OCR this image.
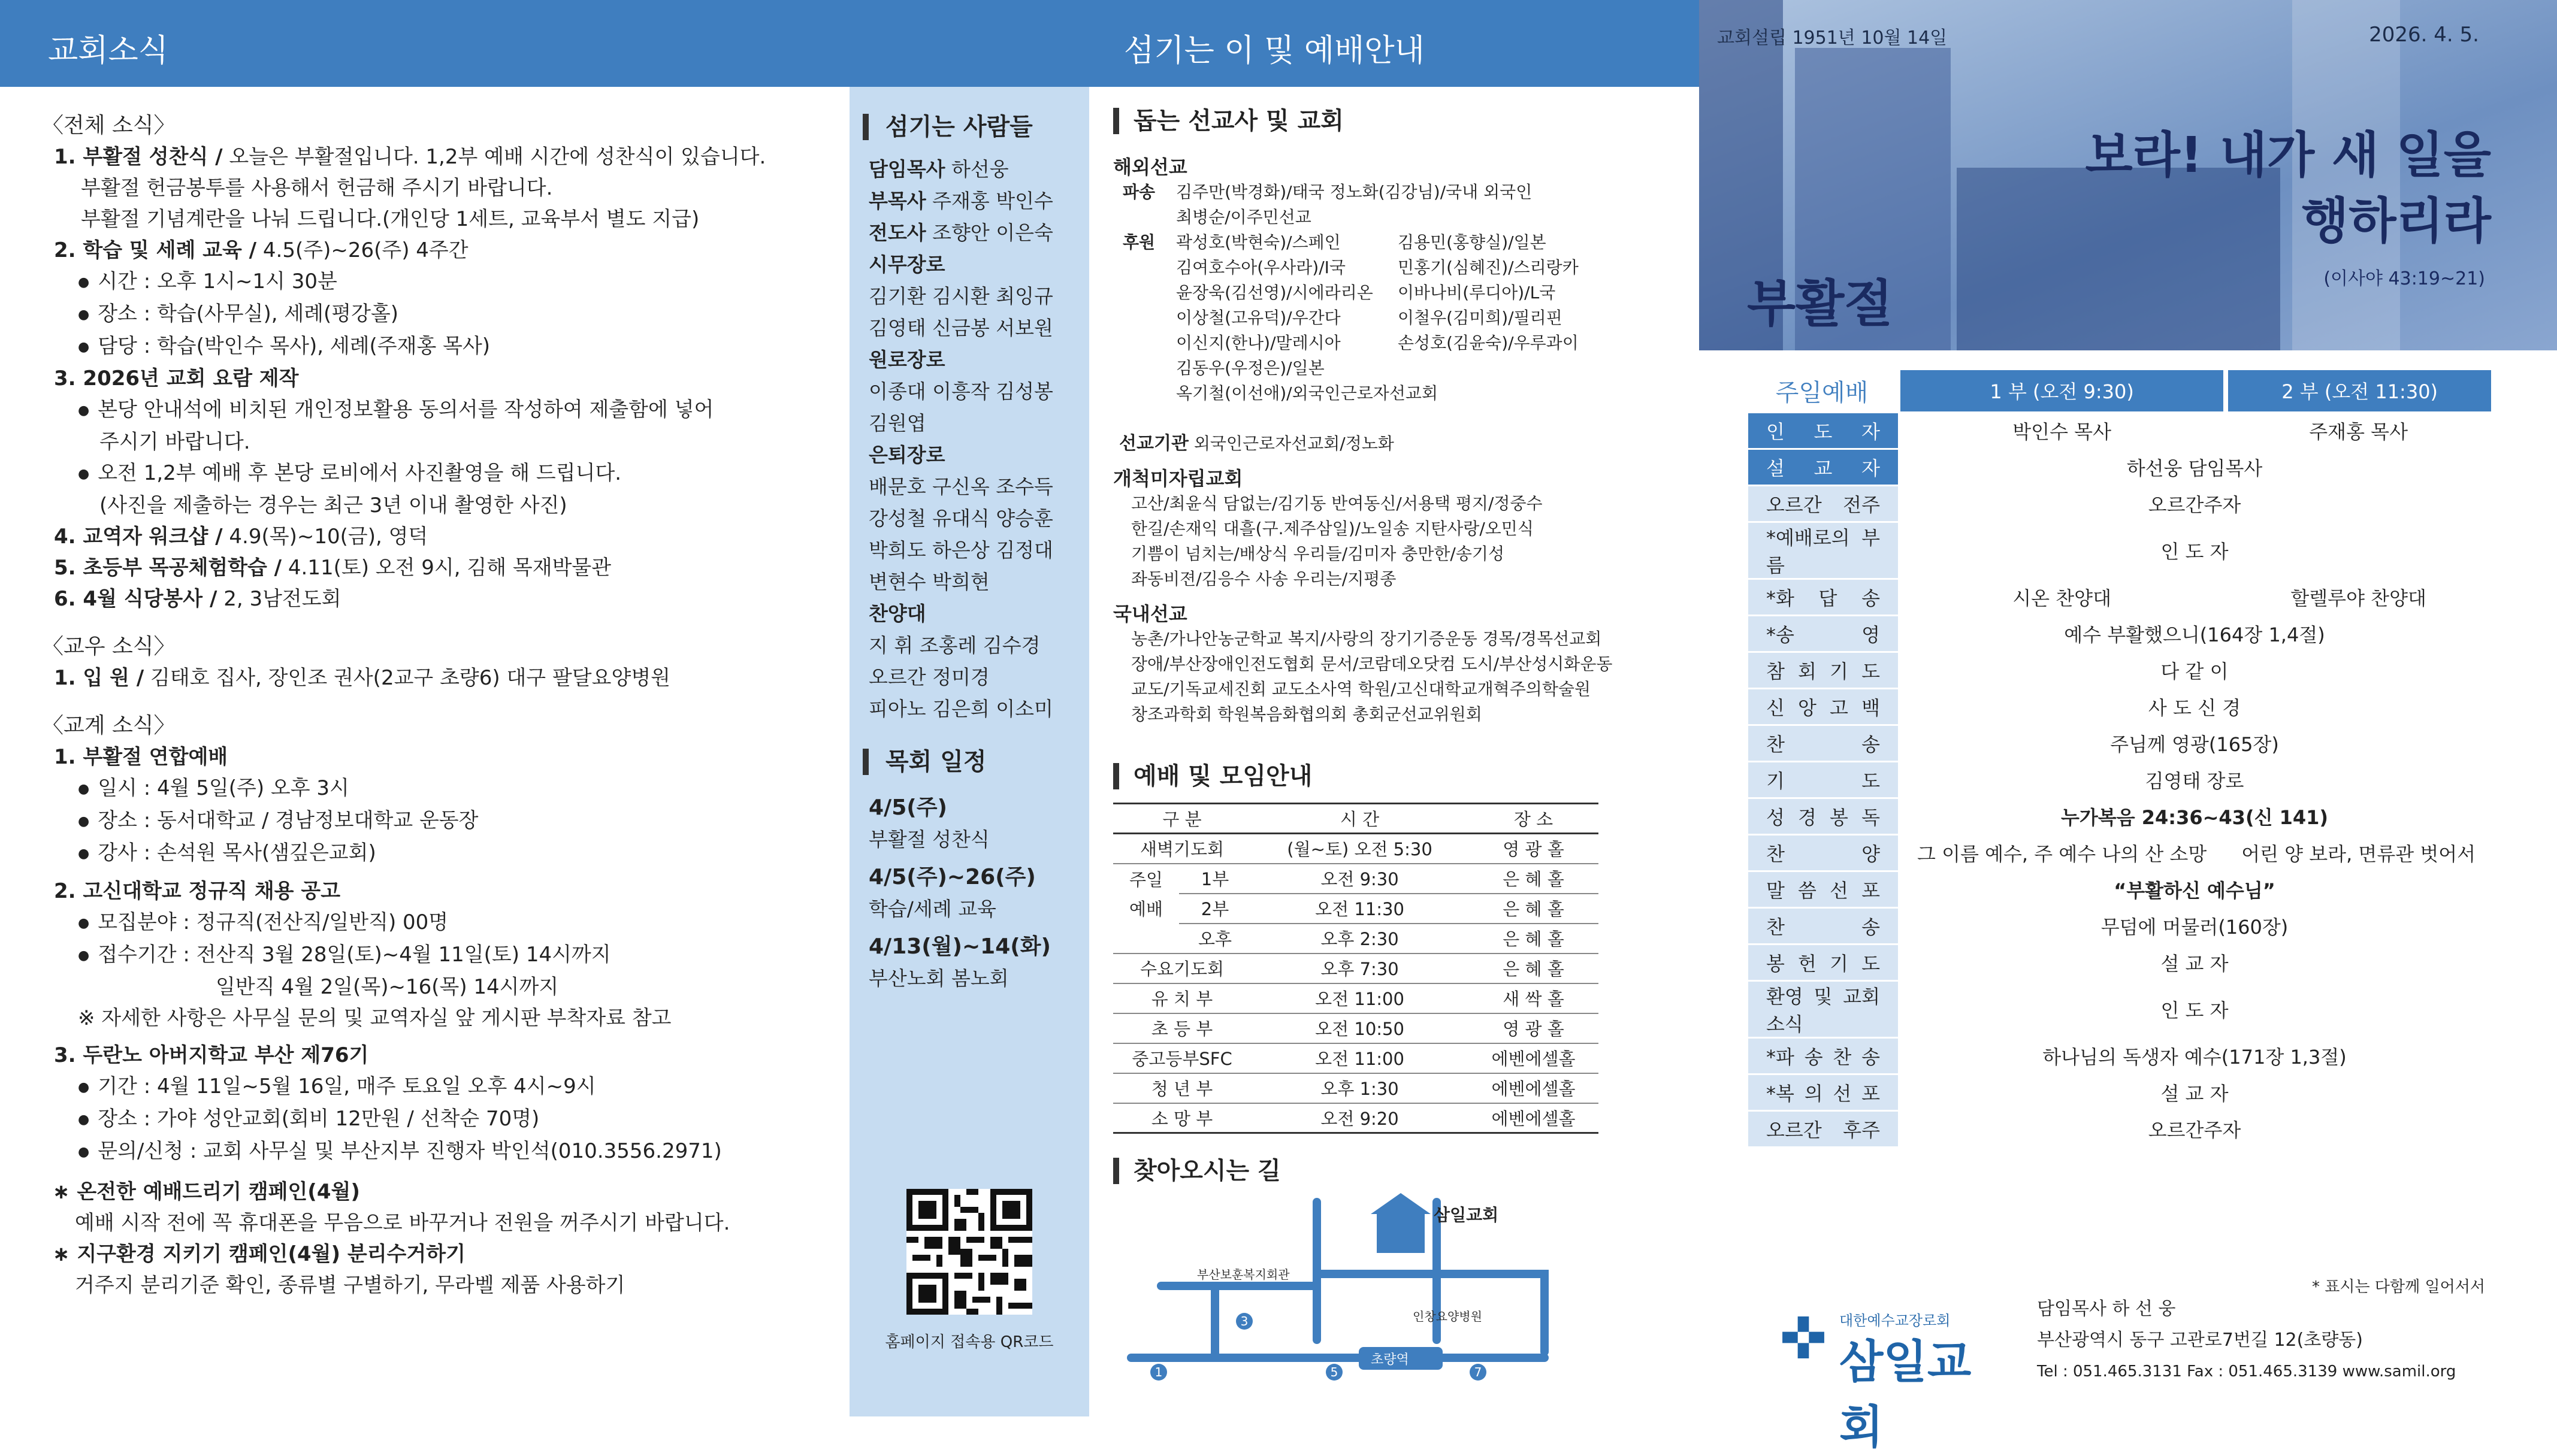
교회소식
〈전체 소식〉
1. 부활절 성찬식 / 오늘은 부활절입니다. 1,2부 예배 시간에 성찬식이 있습니다.
부활절 헌금봉투를 사용해서 헌금해 주시기 바랍니다.
부활절 기념계란을 나눠 드립니다.(개인당 1세트, 교육부서 별도 지급)
2. 학습 및 세례 교육 / 4.5(주)~26(주) 4주간
● 시간 : 오후 1시~1시 30분
● 장소 : 학습(사무실), 세례(평강홀)
● 담당 : 학습(박인수 목사), 세례(주재홍 목사)
3. 2026년 교회 요람 제작
● 본당 안내석에 비치된 개인정보활용 동의서를 작성하여 제출함에 넣어
주시기 바랍니다.
● 오전 1,2부 예배 후 본당 로비에서 사진촬영을 해 드립니다.
(사진을 제출하는 경우는 최근 3년 이내 촬영한 사진)
4. 교역자 워크샵 / 4.9(목)~10(금), 영덕
5. 초등부 목공체험학습 / 4.11(토) 오전 9시, 김해 목재박물관
6. 4월 식당봉사 / 2, 3남전도회
〈교우 소식〉
1. 입 원 / 김태호 집사, 장인조 권사(2교구 초량6) 대구 팔달요양병원
〈교계 소식〉
1. 부활절 연합예배
● 일시 : 4월 5일(주) 오후 3시
● 장소 : 동서대학교 / 경남정보대학교 운동장
● 강사 : 손석원 목사(샘깊은교회)
2. 고신대학교 정규직 채용 공고
● 모집분야 : 정규직(전산직/일반직) 00명
● 접수기간 : 전산직 3월 28일(토)~4월 11일(토) 14시까지
일반직 4월 2일(목)~16(목) 14시까지
※ 자세한 사항은 사무실 문의 및 교역자실 앞 게시판 부착자료 참고
3. 두란노 아버지학교 부산 제76기
● 기간 : 4월 11일~5월 16일, 매주 토요일 오후 4시~9시
● 장소 : 가야 성안교회(회비 12만원 / 선착순 70명)
● 문의/신청 : 교회 사무실 및 부산지부 진행자 박인석(010.3556.2971)
∗ 온전한 예배드리기 캠페인(4월)
예배 시작 전에 꼭 휴대폰을 무음으로 바꾸거나 전원을 꺼주시기 바랍니다.
∗ 지구환경 지키기 캠페인(4월) 분리수거하기
거주지 분리기준 확인, 종류별 구별하기, 무라벨 제품 사용하기
섬기는 이 및 예배안내
섬기는 사람들
담임목사 하선웅
부목사 주재홍 박인수
전도사 조향안 이은숙
시무장로
김기환 김시환 최잉규
김영태 신금봉 서보원
원로장로
이종대 이흥작 김성봉
김원엽
은퇴장로
배문호 구신옥 조수득
강성철 유대식 양승훈
박희도 하은상 김정대
변현수 박희현
찬양대
지 휘 조홍레 김수경
오르간 정미경
피아노 김은희 이소미
목회 일정
4/5(주)
부활절 성찬식
4/5(주)~26(주)
학습/세례 교육
4/13(월)~14(화)
부산노회 봄노회
홈페이지 접속용 QR코드
돕는 선교사 및 교회
해외선교
파송 김주만(박경화)/태국 정노화(김강님)/국내 외국인
최병순/이주민선교
후원 곽성호(박현숙)/스페인
김여호수아(우사라)/I국
윤장욱(김선영)/시에라리온
이상철(고유덕)/우간다
이신지(한나)/말레시아
김동우(우정은)/일본
옥기철(이선애)/외국인근로자선교회
김용민(홍향실)/일본
민홍기(심혜진)/스리랑카
이바나비(루디아)/L국
이철우(김미희)/필리핀
손성호(김윤숙)/우루과이
선교기관 외국인근로자선교회/정노화
개척미자립교회
고산/최윤식 담없는/김기동 반여동신/서용택 평지/정중수
한길/손재익 대흘(구.제주삼일)/노일송 지탄사랑/오민식
기쁨이 넘치는/배상식 우리들/김미자 충만한/송기성
좌동비젼/김응수 사송 우리는/지평종
국내선교
농촌/가나안농군학교 복지/사랑의 장기기증운동 경목/경목선교회
장애/부산장애인전도협회 문서/코람데오닷컴 도시/부산성시화운동
교도/기독교세진회 교도소사역 학원/고신대학교개혁주의학술원
창조과학회 학원복음화협의회 총회군선교위원회
예배 및 모임안내
구 분		시 간	장 소
새벽기도회		(월~토) 오전 5:30	영 광 홀
주일	1부	오전 9:30	은 혜 홀
예배	2부	오전 11:30	은 혜 홀
	오후	오후 2:30	은 혜 홀
수요기도회		오후 7:30	은 혜 홀
유 치 부		오전 11:00	새 싹 홀
초 등 부		오전 10:50	영 광 홀
중고등부SFC		오전 11:00	에벤에셀홀
청 년 부		오후 1:30	에벤에셀홀
소 망 부		오전 9:20	에벤에셀홀
찾아오시는 길
삼일교회
부산보훈복지회관
인창요양병원
초량역
1
3
5	7
교회설립 1951년 10월 14일	2026. 4. 5.
보라! 내가 새 일을
행하리라
(이사야 43:19~21)
부활절
주일예배	1 부 (오전 9:30)	2 부 (오전 11:30)
인 도 자	박인수 목사	주재홍 목사
설 교 자	하선웅 담임목사	
오르간 전주	오르간주자	
*예배로의 부름	인 도 자	
*화 답 송	시온 찬양대	할렐루야 찬양대
*송 영	예수 부활했으니(164장 1,4절)	
참 회 기 도	다 같 이	
신 앙 고 백	사 도 신 경	
찬 송	주님께 영광(165장)	
기 도	김영태 장로	
성 경 봉 독	누가복음 24:36~43(신 141)	
찬 양	그 이름 예수, 주 예수 나의 산 소망	어린 양 보라, 면류관 벗어서
말 씀 선 포	“부활하신 예수님”	
찬 송	무덤에 머물러(160장)	
봉 헌 기 도	설 교 자	
환영 및 교회소식	인 도 자	
*파 송 찬 송	하나님의 독생자 예수(171장 1,3절)	
*복 의 선 포	설 교 자	
오르간 후주	오르간주자	
* 표시는 다함께 일어서서
✜ 대한예수교장로회
삼일교회
담임목사 하 선 웅
부산광역시 동구 고관로7번길 12(초량동)
Tel : 051.465.3131 Fax : 051.465.3139 www.samil.org
